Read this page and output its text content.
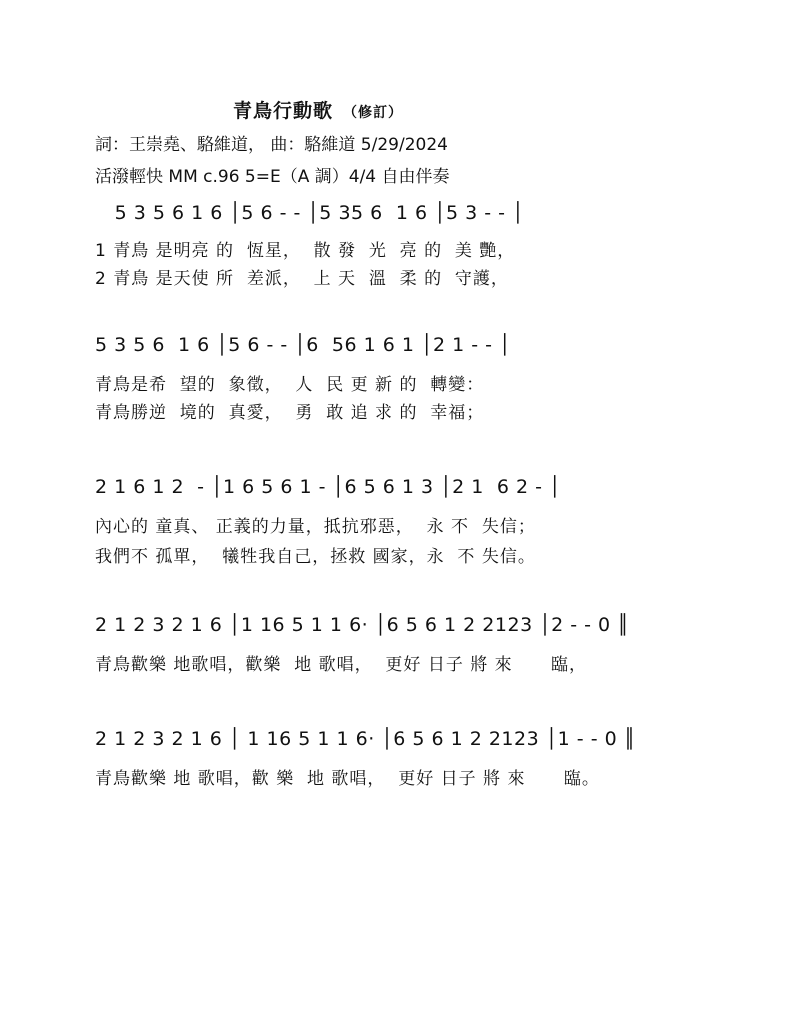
青鳥行動歌 （修訂）
詞：王崇堯、駱維道， 曲：駱維道 5/29/2024
活潑輕快 MM c.96 5=E（A 調）4/4 自由伴奏
5 3 5 6 1 6 │5 6 - - │5 35 6  1 6 │5 3 - - │
1 青鳥 是明亮 的  恆星，  散 發  光  亮 的  美 艷，
2 青鳥 是天使 所  差派，  上 天  溫  柔 的  守護，
5 3 5 6  1 6 │5 6 - - │6  56 1 6 1 │2 1 - - │
青鳥是希  望的  象徵，  人  民 更 新 的  轉變：
青鳥勝逆  境的  真愛，  勇  敢 追 求 的  幸福；
2 1 6 1 2  - │1 6 5 6 1 - │6 5 6 1 3 │2 1  6 2 - │
內心的 童真、 正義的力量，抵抗邪惡，  永 不  失信；
我們不 孤單，  犧牲我自己，拯救 國家，永  不 失信。
2 1 2 3 2 1 6 │1 16 5 1 1 6· │6 5 6 1 2 2123 │2 - - 0 ║
青鳥歡樂 地歌唱，歡樂  地 歌唱，  更好 日子 將 來      臨，
2 1 2 3 2 1 6 │ 1 16 5 1 1 6· │6 5 6 1 2 2123 │1 - - 0 ║
青鳥歡樂 地 歌唱，歡 樂  地 歌唱，  更好 日子 將 來      臨。
